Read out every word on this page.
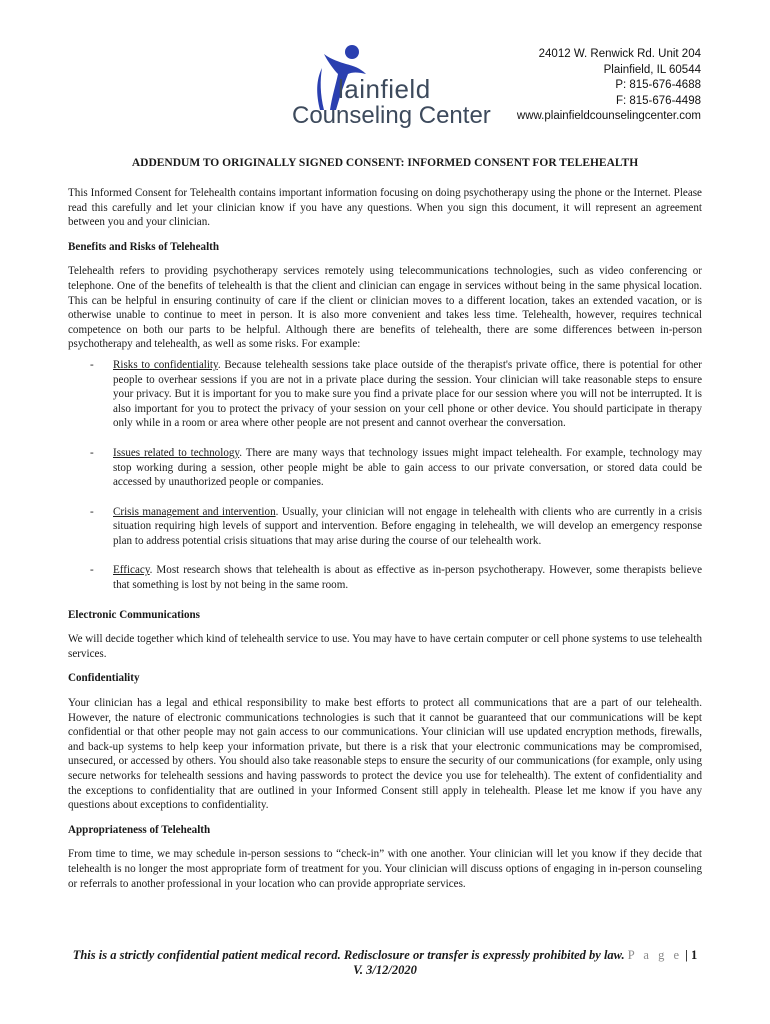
lainfield
Counseling Center
24012 W. Renwick Rd. Unit 204
Plainfield, IL 60544
P: 815-676-4688
F: 815-676-4498
www.plainfieldcounselingcenter.com
ADDENDUM TO ORIGINALLY SIGNED CONSENT: INFORMED CONSENT FOR TELEHEALTH

This Informed Consent for Telehealth contains important information focusing on doing psychotherapy using the phone or the Internet. Please read this carefully and let your clinician know if you have any questions. When you sign this document, it will represent an agreement between you and your clinician.

Benefits and Risks of Telehealth

Telehealth refers to providing psychotherapy services remotely using telecommunications technologies, such as video conferencing or telephone. One of the benefits of telehealth is that the client and clinician can engage in services without being in the same physical location. This can be helpful in ensuring continuity of care if the client or clinician moves to a different location, takes an extended vacation, or is otherwise unable to continue to meet in person. It is also more convenient and takes less time. Telehealth, however, requires technical competence on both our parts to be helpful. Although there are benefits of telehealth, there are some differences between in-person psychotherapy and telehealth, as well as some risks. For example:

- Risks to confidentiality. Because telehealth sessions take place outside of the therapist's private office, there is potential for other people to overhear sessions if you are not in a private place during the session. Your clinician will take reasonable steps to ensure your privacy. But it is important for you to make sure you find a private place for our session where you will not be interrupted. It is also important for you to protect the privacy of your session on your cell phone or other device. You should participate in therapy only while in a room or area where other people are not present and cannot overhear the conversation.
- Issues related to technology. There are many ways that technology issues might impact telehealth. For example, technology may stop working during a session, other people might be able to gain access to our private conversation, or stored data could be accessed by unauthorized people or companies.
- Crisis management and intervention. Usually, your clinician will not engage in telehealth with clients who are currently in a crisis situation requiring high levels of support and intervention. Before engaging in telehealth, we will develop an emergency response plan to address potential crisis situations that may arise during the course of our telehealth work.
- Efficacy. Most research shows that telehealth is about as effective as in-person psychotherapy. However, some therapists believe that something is lost by not being in the same room.

Electronic Communications

We will decide together which kind of telehealth service to use. You may have to have certain computer or cell phone systems to use telehealth services.

Confidentiality

Your clinician has a legal and ethical responsibility to make best efforts to protect all communications that are a part of our telehealth. However, the nature of electronic communications technologies is such that it cannot be guaranteed that our communications will be kept confidential or that other people may not gain access to our communications. Your clinician will use updated encryption methods, firewalls, and back-up systems to help keep your information private, but there is a risk that your electronic communications may be compromised, unsecured, or accessed by others. You should also take reasonable steps to ensure the security of our communications (for example, only using secure networks for telehealth sessions and having passwords to protect the device you use for telehealth). The extent of confidentiality and the exceptions to confidentiality that are outlined in your Informed Consent still apply in telehealth. Please let me know if you have any questions about exceptions to confidentiality.

Appropriateness of Telehealth

From time to time, we may schedule in-person sessions to “check-in” with one another. Your clinician will let you know if they decide that telehealth is no longer the most appropriate form of treatment for you. Your clinician will discuss options of engaging in in-person counseling or referrals to another professional in your location who can provide appropriate services.

This is a strictly confidential patient medical record. Redisclosure or transfer is expressly prohibited by law. P a g e | 1
V. 3/12/2020
